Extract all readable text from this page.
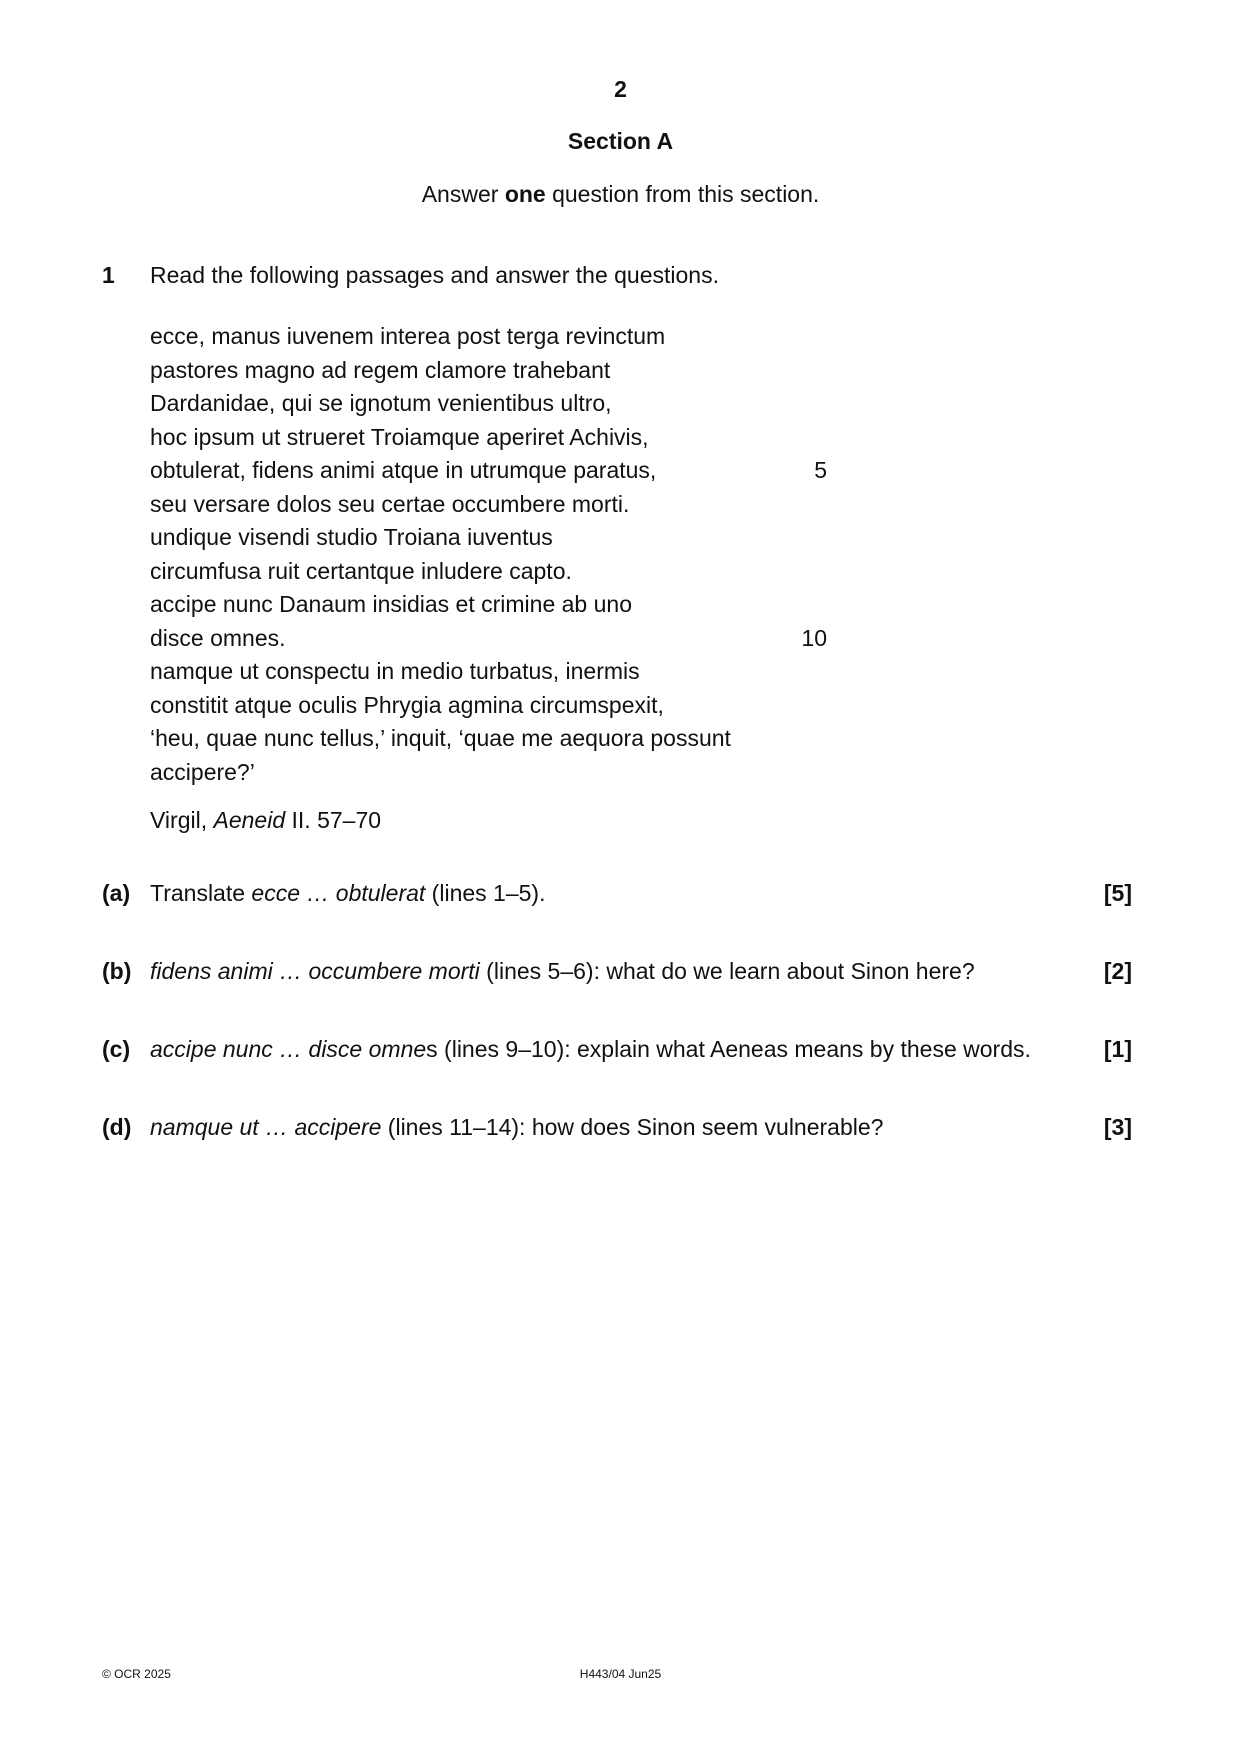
2
Section A
Answer one question from this section.
1 Read the following passages and answer the questions.
ecce, manus iuvenem interea post terga revinctum
pastores magno ad regem clamore trahebant
Dardanidae, qui se ignotum venientibus ultro,
hoc ipsum ut strueret Troiamque aperiret Achivis,
obtulerat, fidens animi atque in utrumque paratus,	5
seu versare dolos seu certae occumbere morti.
undique visendi studio Troiana iuventus
circumfusa ruit certantque inludere capto.
accipe nunc Danaum insidias et crimine ab uno
disce omnes.	10
namque ut conspectu in medio turbatus, inermis
constitit atque oculis Phrygia agmina circumspexit,
‘heu, quae nunc tellus,’ inquit, ‘quae me aequora possunt
accipere?’
Virgil, Aeneid II. 57–70
(a) Translate ecce … obtulerat (lines 1–5).	[5]
(b) fidens animi … occumbere morti (lines 5–6): what do we learn about Sinon here?	[2]
(c) accipe nunc … disce omnes (lines 9–10): explain what Aeneas means by these words.	[1]
(d) namque ut … accipere (lines 11–14): how does Sinon seem vulnerable?	[3]
© OCR 2025	H443/04 Jun25
